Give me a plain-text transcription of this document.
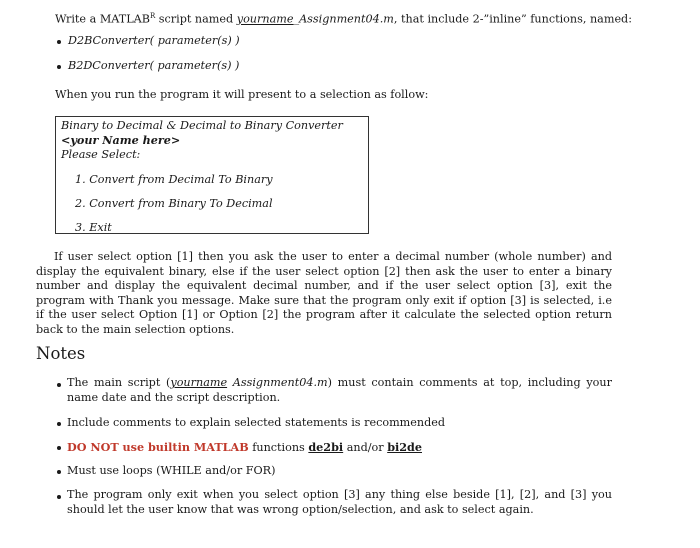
Write a $MATLAB^R$ script named yourname_Assignment04.m, that include 2-”inline” functions, named:
D2BConverter( parameter(s) )
B2DConverter( parameter(s) )
When you run the program it will present to a selection as follow:
Binary to Decimal & Decimal to Binary Converter
<your Name here>
Please Select:
1. Convert from Decimal To Binary
2. Convert from Binary To Decimal
3. Exit
If user select option [1] then you ask the user to enter a decimal number (whole number) and display the equivalent binary, else if the user select option [2] then ask the user to enter a binary number and display the equivalent decimal number, and if the user select option [3], exit the program with Thank you message. Make sure that the program only exit if option [3] is selected, i.e if the user select Option [1] or Option [2] the program after it calculate the selected option return back to the main selection options.
Notes
The main script (yourname Assignment04.m) must contain comments at top, including your name date and the script description.
Include comments to explain selected statements is recommended
DO NOT use builtin MATLAB functions de2bi and/or bi2de
Must use loops (WHILE and/or FOR)
The program only exit when you select option [3] any thing else beside [1], [2], and [3] you should let the user know that was wrong option/selection, and ask to select again.
